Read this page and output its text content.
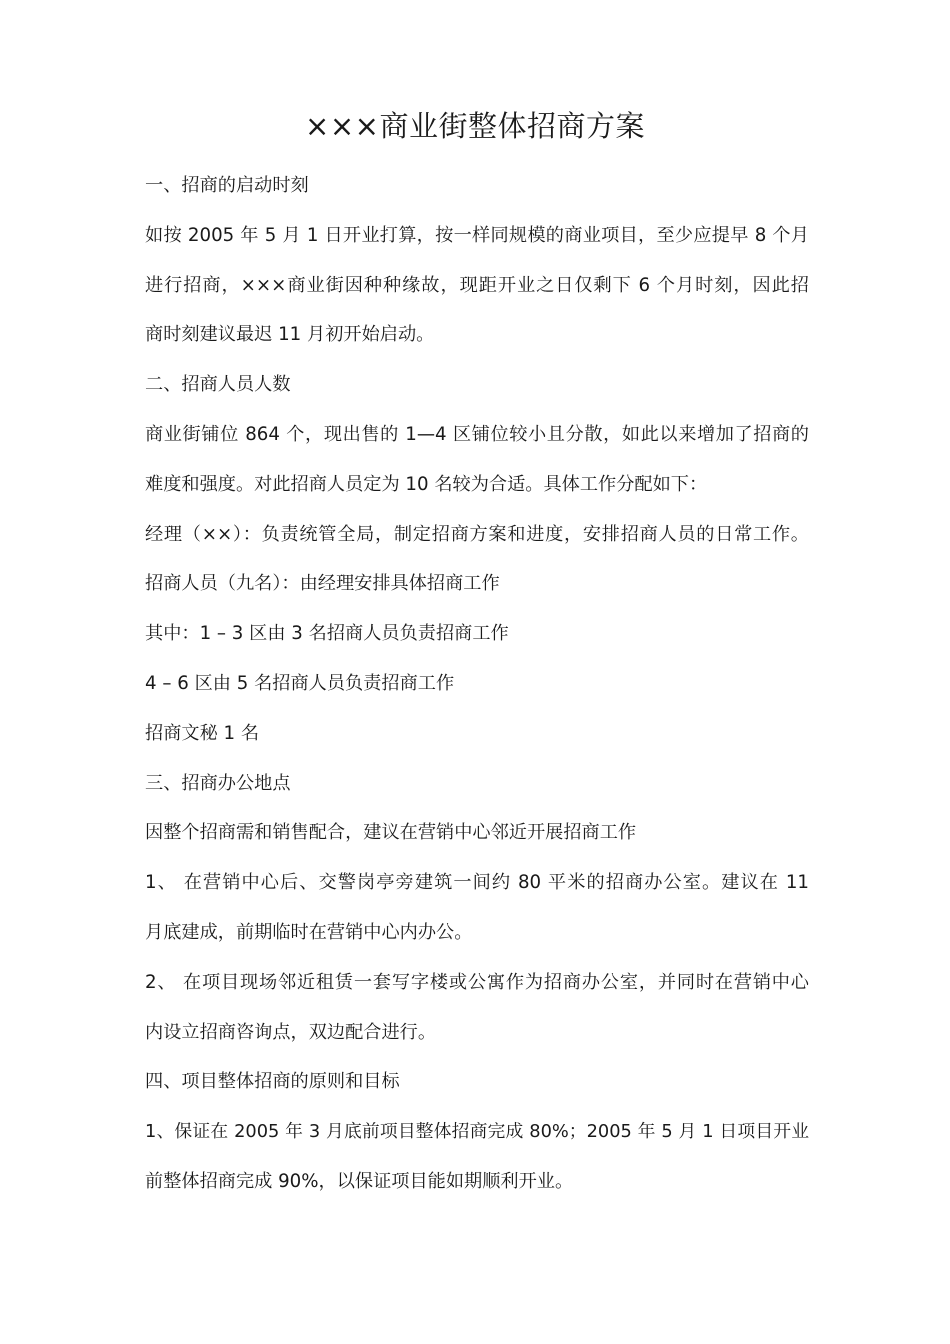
×××商业街整体招商方案
一、招商的启动时刻
如按 2005 年 5 月 1 日开业打算，按一样同规模的商业项目，至少应提早 8 个月
进行招商，×××商业街因种种缘故，现距开业之日仅剩下 6 个月时刻，因此招
商时刻建议最迟 11 月初开始启动。
二、招商人员人数
商业街铺位 864 个，现出售的 1—4 区铺位较小且分散，如此以来增加了招商的
难度和强度。对此招商人员定为 10 名较为合适。具体工作分配如下：
经理（××）：负责统管全局，制定招商方案和进度，安排招商人员的日常工作。
招商人员（九名）：由经理安排具体招商工作
其中：1 – 3 区由 3 名招商人员负责招商工作
4 – 6 区由 5 名招商人员负责招商工作
招商文秘 1 名
三、招商办公地点
因整个招商需和销售配合，建议在营销中心邻近开展招商工作
1、 在营销中心后、交警岗亭旁建筑一间约 80 平米的招商办公室。建议在 11
月底建成，前期临时在营销中心内办公。
2、 在项目现场邻近租赁一套写字楼或公寓作为招商办公室，并同时在营销中心
内设立招商咨询点，双边配合进行。
四、项目整体招商的原则和目标
1、保证在 2005 年 3 月底前项目整体招商完成 80%；2005 年 5 月 1 日项目开业
前整体招商完成 90%，以保证项目能如期顺利开业。
